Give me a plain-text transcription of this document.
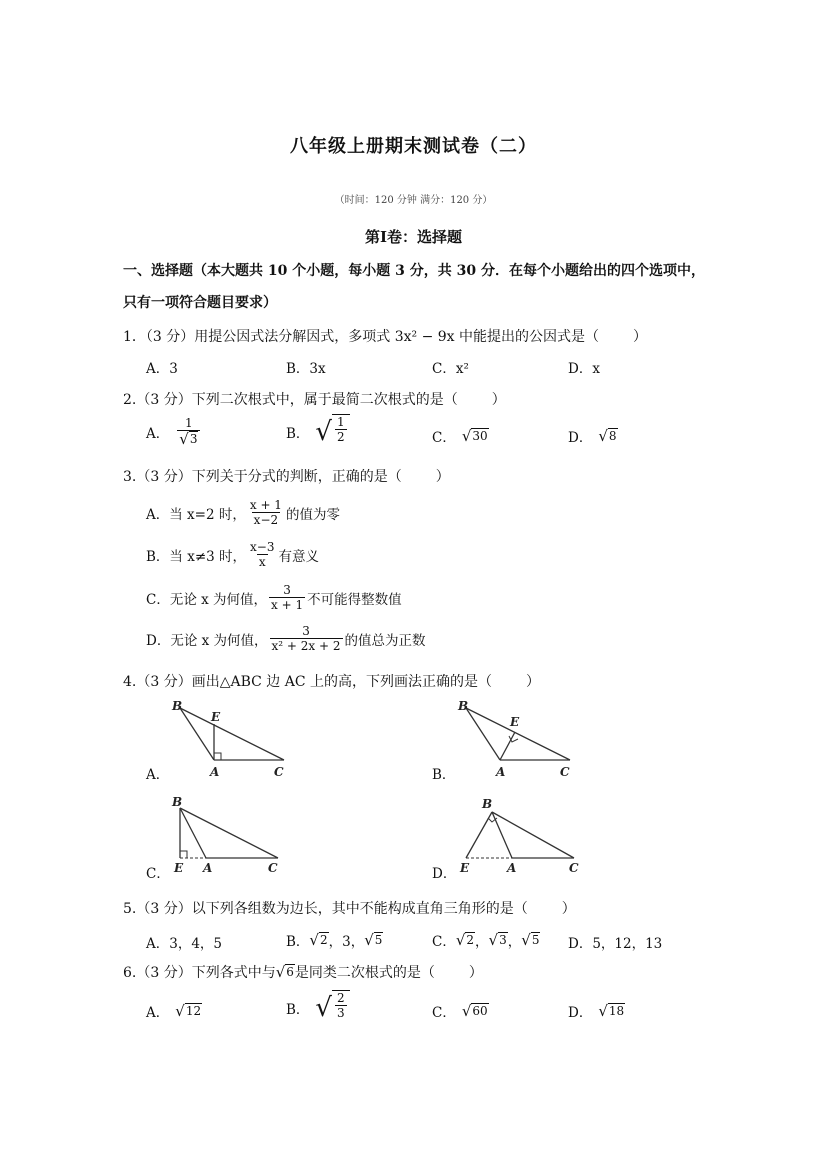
八年级上册期末测试卷（二）
（时间：120 分钟 满分：120 分）
第Ⅰ卷：选择题
一、选择题（本大题共 10 个小题，每小题 3 分，共 30 分．在每个小题给出的四个选项中，
只有一项符合题目要求）
1．（3 分）用提公因式法分解因式，多项式 3x² − 9x 中能提出的公因式是（ ）
A．3	B．3x	C．x²	D．x
2.（3 分）下列二次根式中，属于最简二次根式的是（ ）
A． $\frac{1}{√ 3}$	B． √ $\frac{1}{2}$	C． √ 30	D． √ 8
3.（3 分）下列关于分式的判断，正确的是（ ）
A．当 x=2 时， $\frac{x + 1}{x-2}$ 的值为零
B．当 x≠3 时， $\frac{x-3}{x}$ 有意义
C．无论 x 为何值， $\frac{3}{x + 1}$ 不可能得整数值
D．无论 x 为何值， $\frac{3}{\text{x² + 2x + 2}}$ 的值总为正数
4.（3 分）画出△ABC 边 AC 上的高，下列画法正确的是（ ）
A．
B
E
A	C	B．
B
E
A	C
C．
B
E A	C	D．
B
E	A	C
5.（3 分）以下列各组数为边长，其中不能构成直角三角形的是（ ）
A．3，4，5	B． √ 2 ，3， √ 5	C． √ 2 ， √ 3 ， √ 5 D．5，12，13
6.（3 分）下列各式中与 √ 6 是同类二次根式的是（ ）
A． √ 12	B． √ $\frac{2}{3}$	C． √ 60	D． √ 18
